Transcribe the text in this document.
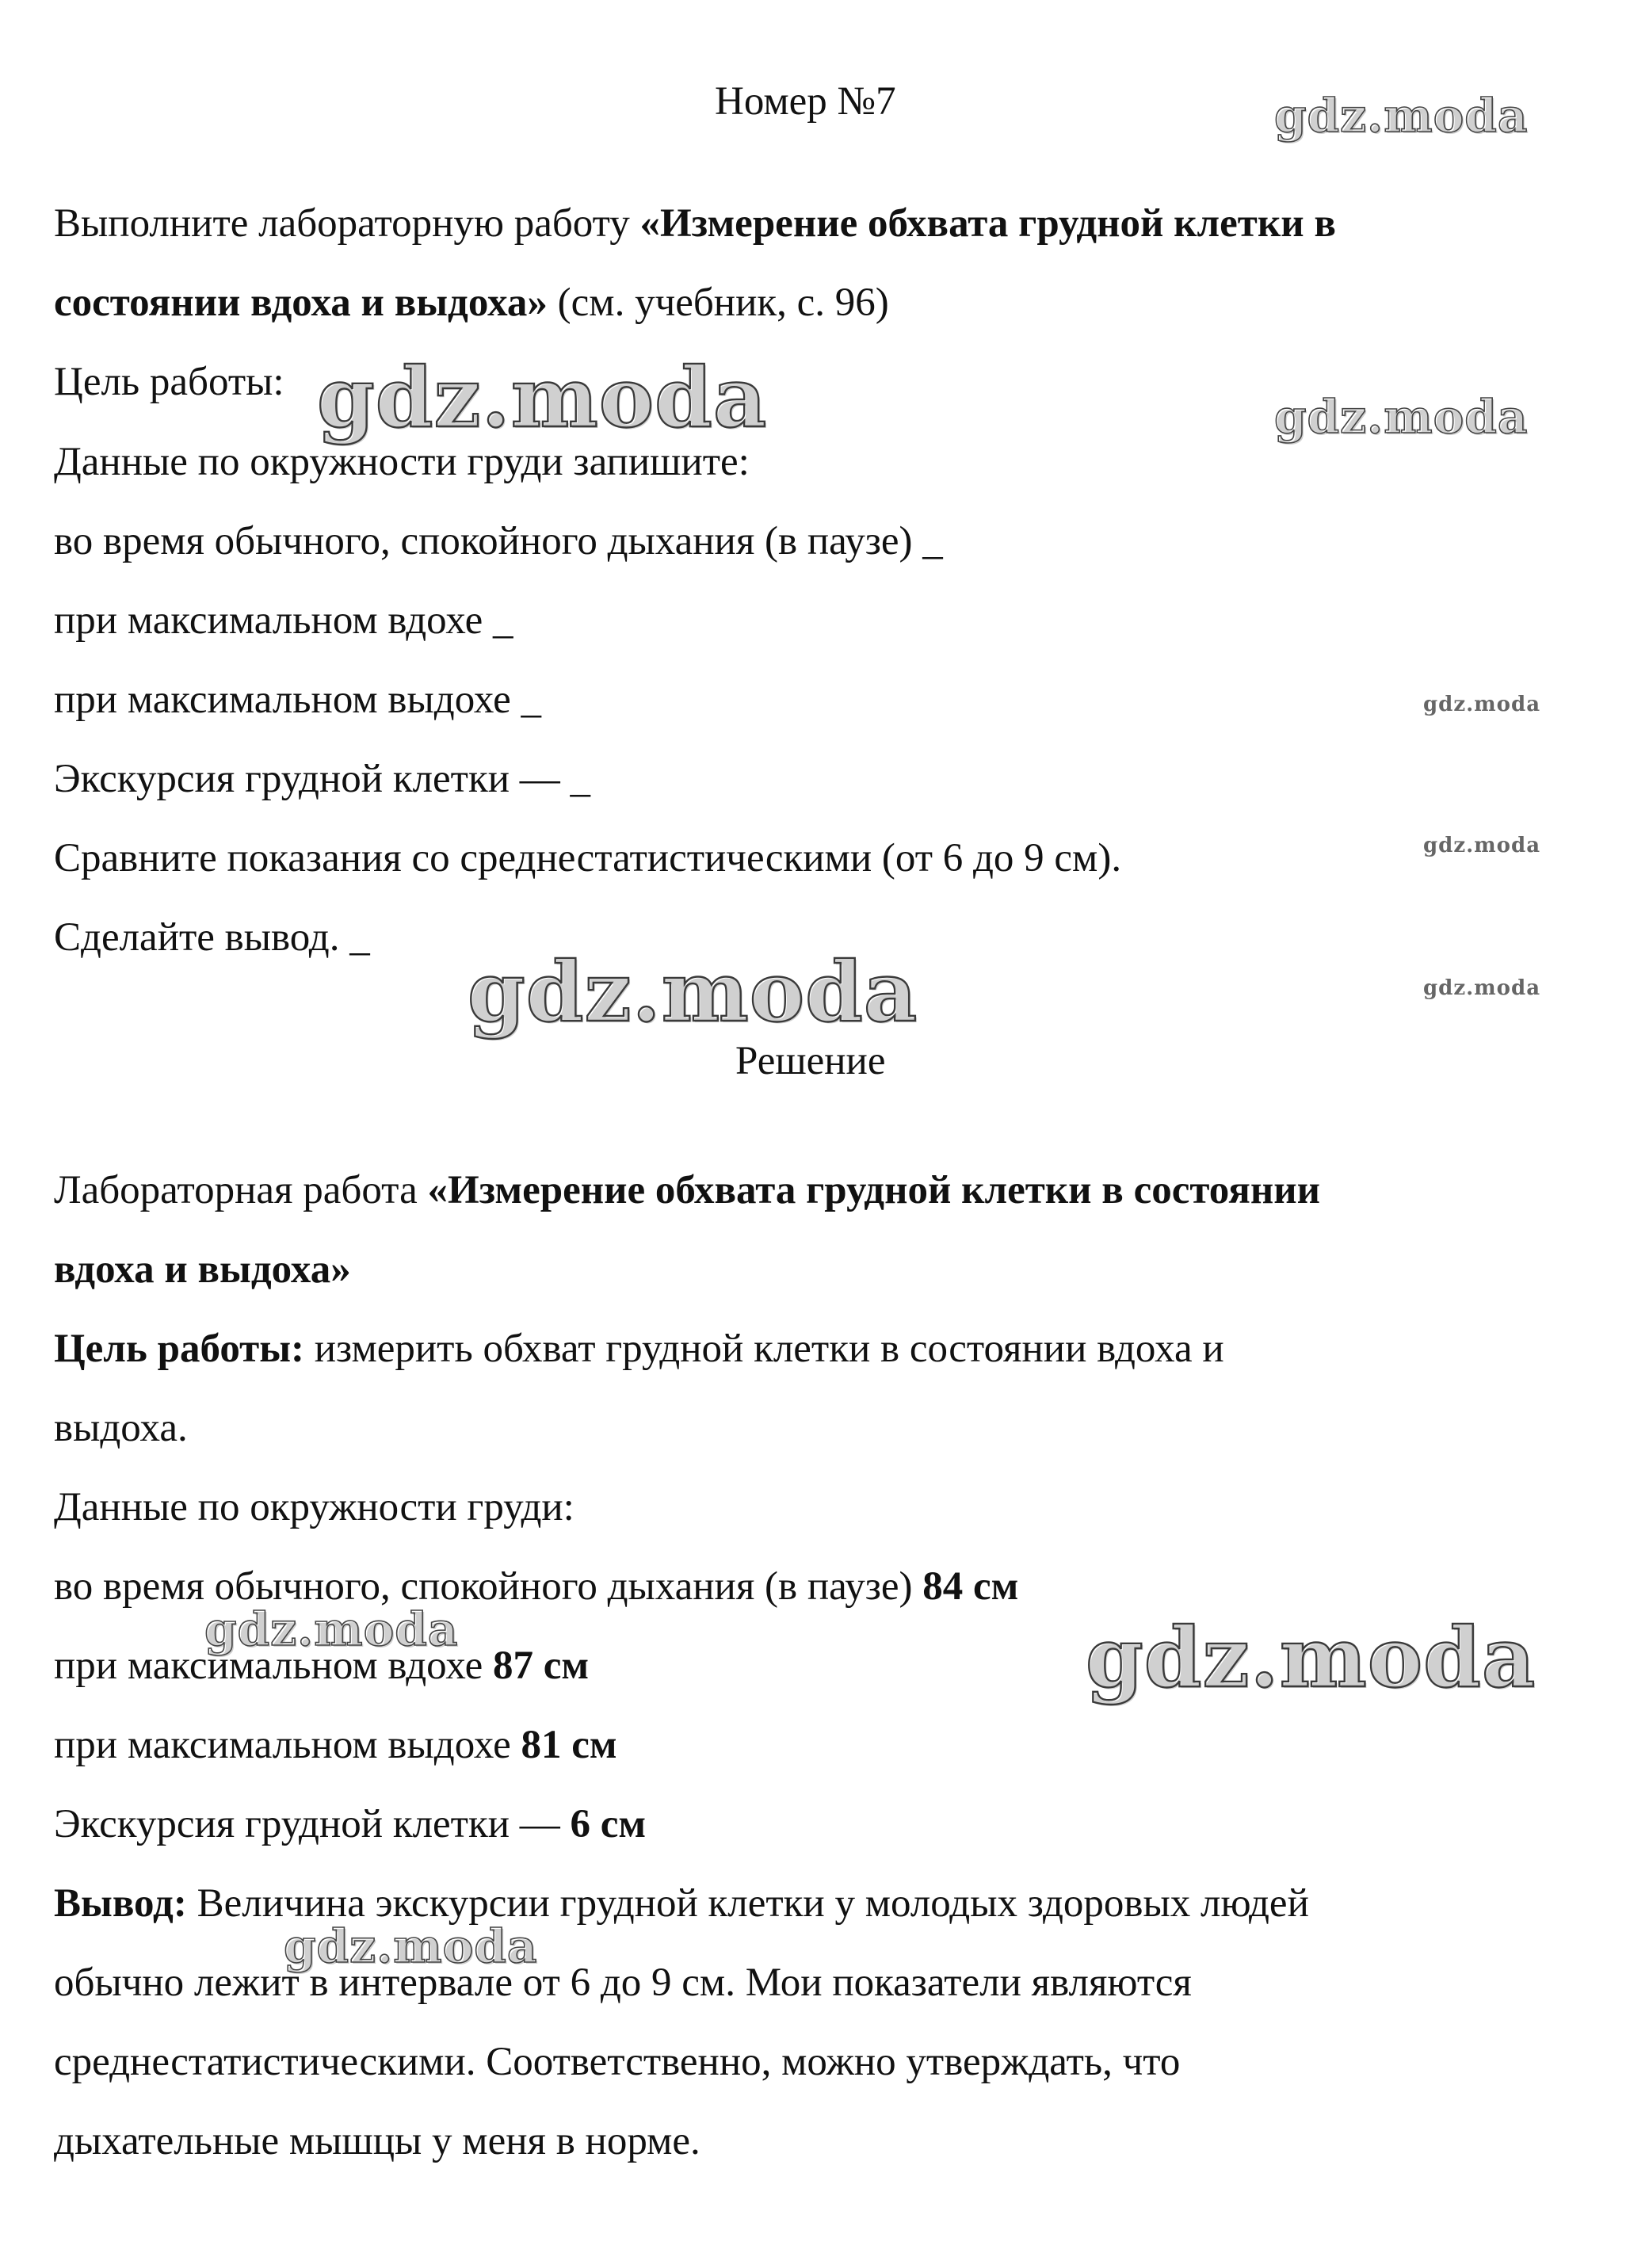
Номер №7
Выполните лабораторную работу «Измерение обхвата грудной клетки в
состоянии вдоха и выдоха» (см. учебник, с. 96)
Цель работы:
Данные по окружности груди запишите:
во время обычного, спокойного дыхания (в паузе) _
при максимальном вдохе _
при максимальном выдохе _
Экскурсия грудной клетки — _
Сравните показания со среднестатистическими (от 6 до 9 см).
Сделайте вывод. _
Решение
Лабораторная работа «Измерение обхвата грудной клетки в состоянии
вдоха и выдоха»
Цель работы: измерить обхват грудной клетки в состоянии вдоха и
выдоха.
Данные по окружности груди:
во время обычного, спокойного дыхания (в паузе) 84 см
при максимальном вдохе 87 см
при максимальном выдохе 81 см
Экскурсия грудной клетки — 6 см
Вывод: Величина экскурсии грудной клетки у молодых здоровых людей
обычно лежит в интервале от 6 до 9 см. Мои показатели являются
среднестатистическими. Соответственно, можно утверждать, что
дыхательные мышцы у меня в норме.
gdz.moda
gdz.moda	gdz.moda
gdz.moda
gdz.moda
gdz.moda	gdz.moda
gdz.moda	gdz.moda
gdz.moda
